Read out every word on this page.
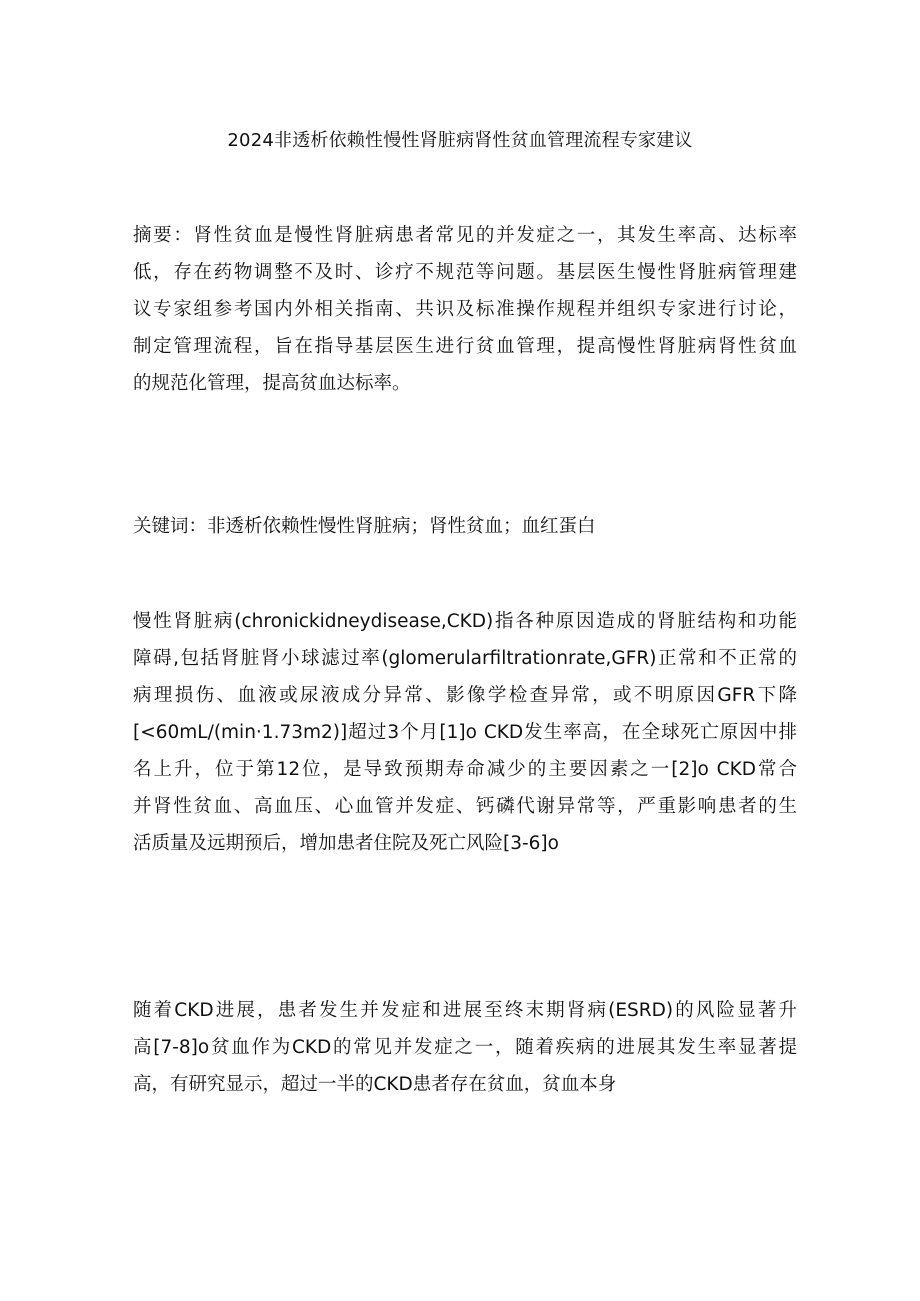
2024非透析依赖性慢性肾脏病肾性贫血管理流程专家建议
摘要：肾性贫血是慢性肾脏病患者常见的并发症之一，其发生率高、达标率
低，存在药物调整不及时、诊疗不规范等问题。基层医生慢性肾脏病管理建
议专家组参考国内外相关指南、共识及标准操作规程并组织专家进行讨论，
制定管理流程，旨在指导基层医生进行贫血管理，提高慢性肾脏病肾性贫血
的规范化管理，提高贫血达标率。
关键词：非透析依赖性慢性肾脏病；肾性贫血；血红蛋白
慢性肾脏病(chronickidneydisease,CKD)指各种原因造成的肾脏结构和功能
障碍,包括肾脏肾小球滤过率(glomerularfiltrationrate,GFR)正常和不正常的
病理损伤、血液或尿液成分异常、影像学检查异常，或不明原因GFR下降
[<60mL∕(min·1.73m2)]超过3个月[1]o CKD发生率高，在全球死亡原因中排
名上升，位于第12位，是导致预期寿命减少的主要因素之一[2]o CKD常合
并肾性贫血、高血压、心血管并发症、钙磷代谢异常等，严重影响患者的生
活质量及远期预后，增加患者住院及死亡风险[3-6]o
随着CKD进展，患者发生并发症和进展至终末期肾病(ESRD)的风险显著升
高[7-8]o贫血作为CKD的常见并发症之一，随着疾病的进展其发生率显著提
高，有研究显示，超过一半的CKD患者存在贫血，贫血本身
